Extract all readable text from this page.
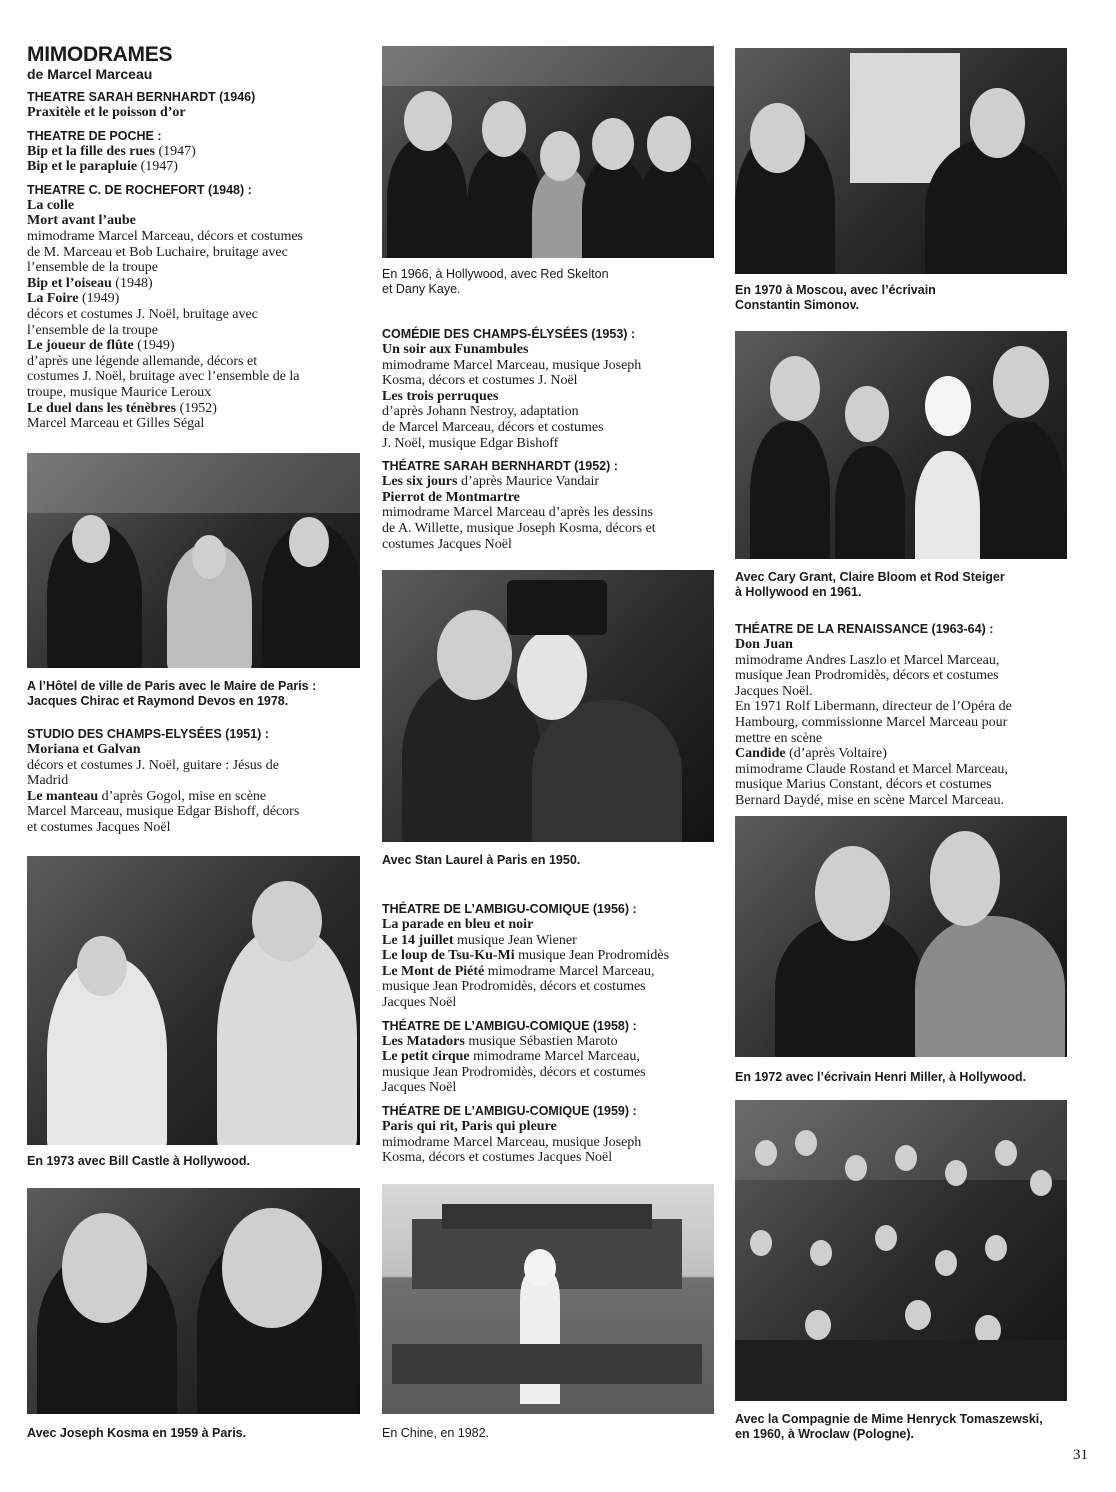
MIMODRAMES
de Marcel Marceau
THEATRE SARAH BERNHARDT (1946)
Praxitèle et le poisson d’or
THEATRE DE POCHE :
Bip et la fille des rues (1947)
Bip et le parapluie (1947)
THEATRE C. DE ROCHEFORT (1948) :
La colle
Mort avant l’aube
mimodrame Marcel Marceau, décors et costumes
de M. Marceau et Bob Luchaire, bruitage avec
l’ensemble de la troupe
Bip et l’oiseau (1948)
La Foire (1949)
décors et costumes J. Noël, bruitage avec
l’ensemble de la troupe
Le joueur de flûte (1949)
d’après une légende allemande, décors et
costumes J. Noël, bruitage avec l’ensemble de la
troupe, musique Maurice Leroux
Le duel dans les ténèbres (1952)
Marcel Marceau et Gilles Ségal
A l’Hôtel de ville de Paris avec le Maire de Paris :
Jacques Chirac et Raymond Devos en 1978.
STUDIO DES CHAMPS-ELYSÉES (1951) :
Moriana et Galvan
décors et costumes J. Noël, guitare : Jésus de
Madrid
Le manteau d’après Gogol, mise en scène
Marcel Marceau, musique Edgar Bishoff, décors
et costumes Jacques Noël
En 1973 avec Bill Castle à Hollywood.
Avec Joseph Kosma en 1959 à Paris.
En 1966, à Hollywood, avec Red Skelton
et Dany Kaye.
COMÉDIE DES CHAMPS-ÉLYSÉES (1953) :
Un soir aux Funambules
mimodrame Marcel Marceau, musique Joseph
Kosma, décors et costumes J. Noël
Les trois perruques
d’après Johann Nestroy, adaptation
de Marcel Marceau, décors et costumes
J. Noël, musique Edgar Bishoff
THÉATRE SARAH BERNHARDT (1952) :
Les six jours d’après Maurice Vandair
Pierrot de Montmartre
mimodrame Marcel Marceau d’après les dessins
de A. Willette, musique Joseph Kosma, décors et
costumes Jacques Noël
Avec Stan Laurel à Paris en 1950.
THÉATRE DE L’AMBIGU-COMIQUE (1956) :
La parade en bleu et noir
Le 14 juillet musique Jean Wiener
Le loup de Tsu-Ku-Mi musique Jean Prodromidès
Le Mont de Piété mimodrame Marcel Marceau,
musique Jean Prodromidès, décors et costumes
Jacques Noël
THÉATRE DE L’AMBIGU-COMIQUE (1958) :
Les Matadors musique Sébastien Maroto
Le petit cirque mimodrame Marcel Marceau,
musique Jean Prodromidès, décors et costumes
Jacques Noël
THÉATRE DE L’AMBIGU-COMIQUE (1959) :
Paris qui rit, Paris qui pleure
mimodrame Marcel Marceau, musique Joseph
Kosma, décors et costumes Jacques Noël
En Chine, en 1982.
En 1970 à Moscou, avec l’écrivain
Constantin Simonov.
Avec Cary Grant, Claire Bloom et Rod Steiger
à Hollywood en 1961.
THÉATRE DE LA RENAISSANCE (1963-64) :
Don Juan
mimodrame Andres Laszlo et Marcel Marceau,
musique Jean Prodromidès, décors et costumes
Jacques Noël.
En 1971 Rolf Libermann, directeur de l’Opéra de
Hambourg, commissionne Marcel Marceau pour
mettre en scène
Candide (d’après Voltaire)
mimodrame Claude Rostand et Marcel Marceau,
musique Marius Constant, décors et costumes
Bernard Daydé, mise en scène Marcel Marceau.
En 1972 avec l’écrivain Henri Miller, à Hollywood.
Avec la Compagnie de Mime Henryck Tomaszewski,
en 1960, à Wroclaw (Pologne).
31
